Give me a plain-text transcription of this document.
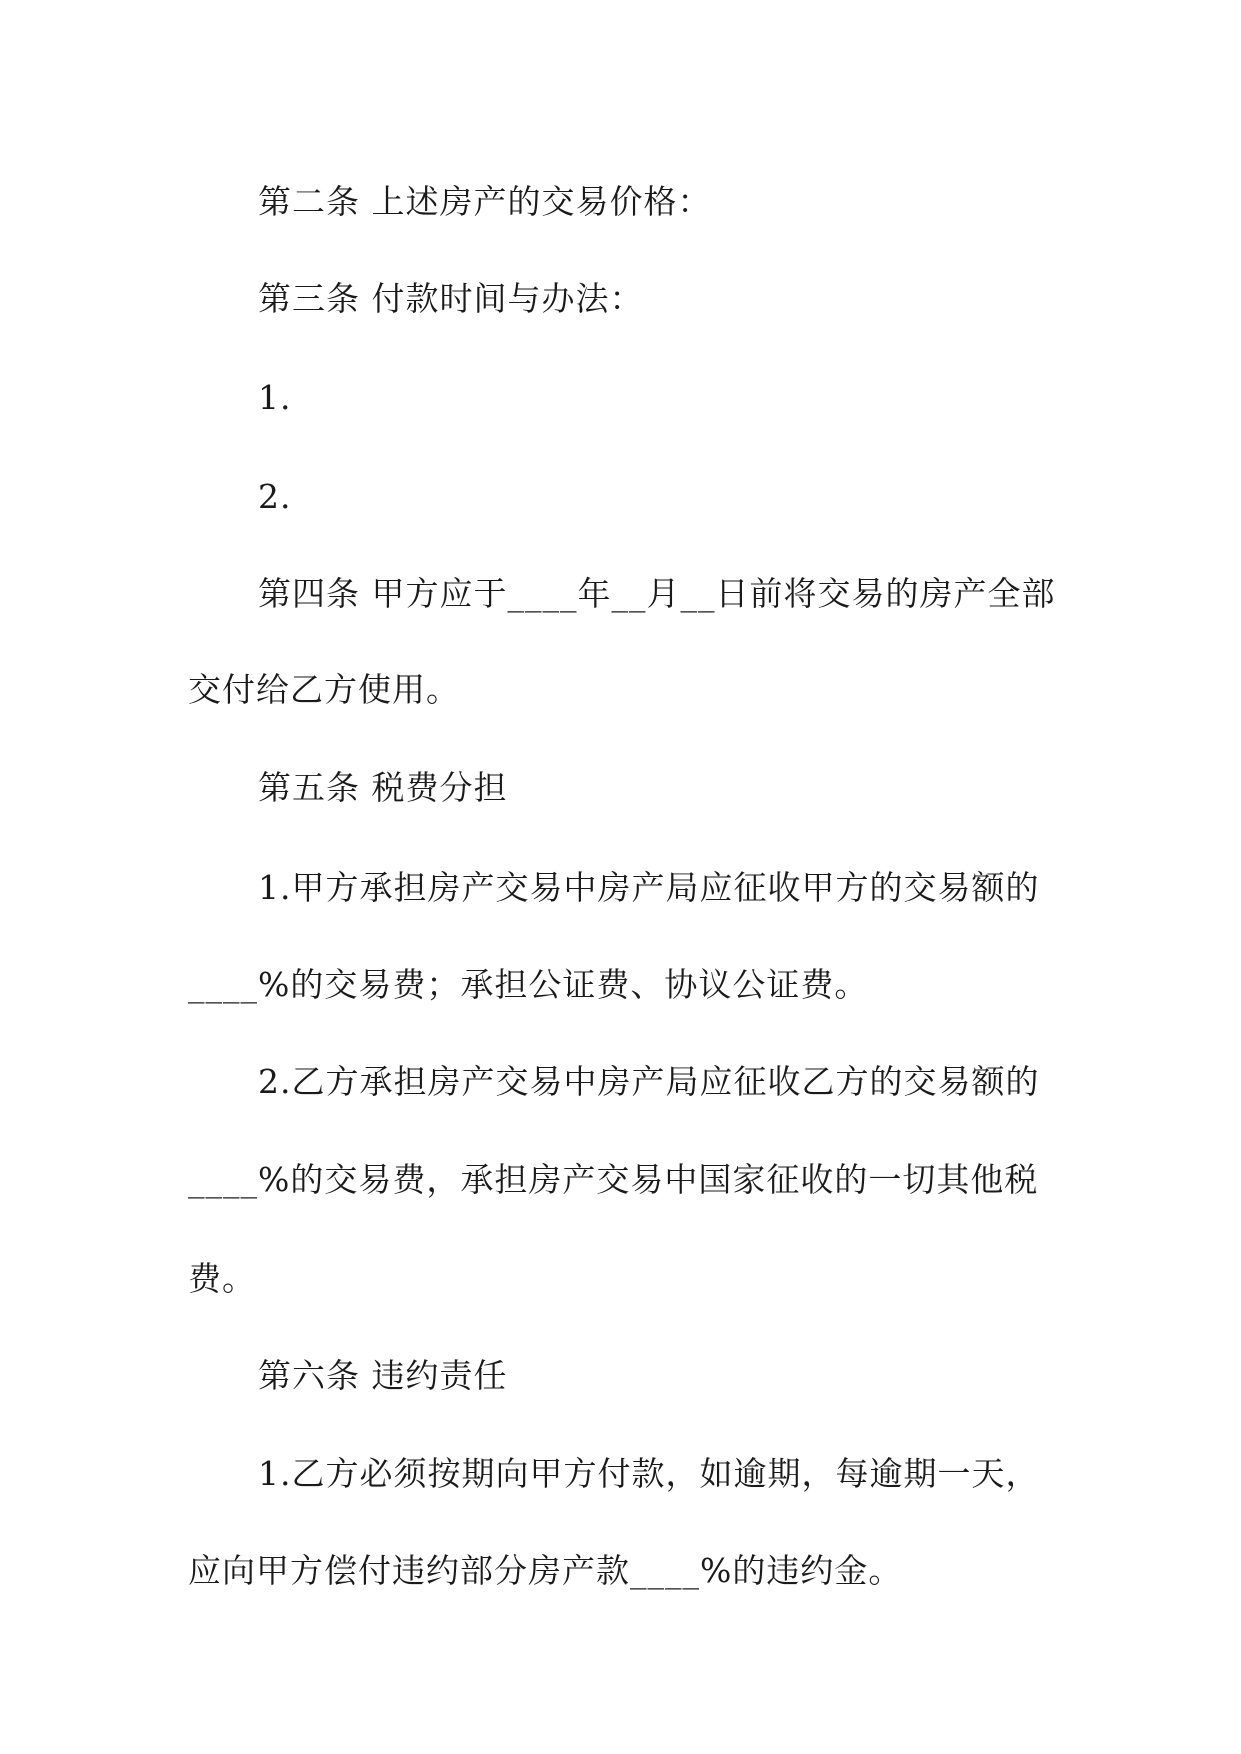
第二条 上述房产的交易价格：
第三条 付款时间与办法：
1.
2.
第四条 甲方应于____年__月__日前将交易的房产全部
交付给乙方使用。
第五条 税费分担
1.甲方承担房产交易中房产局应征收甲方的交易额的
____%的交易费；承担公证费、协议公证费。
2.乙方承担房产交易中房产局应征收乙方的交易额的
____%的交易费，承担房产交易中国家征收的一切其他税
费。
第六条 违约责任
1.乙方必须按期向甲方付款，如逾期，每逾期一天，
应向甲方偿付违约部分房产款____%的违约金。
